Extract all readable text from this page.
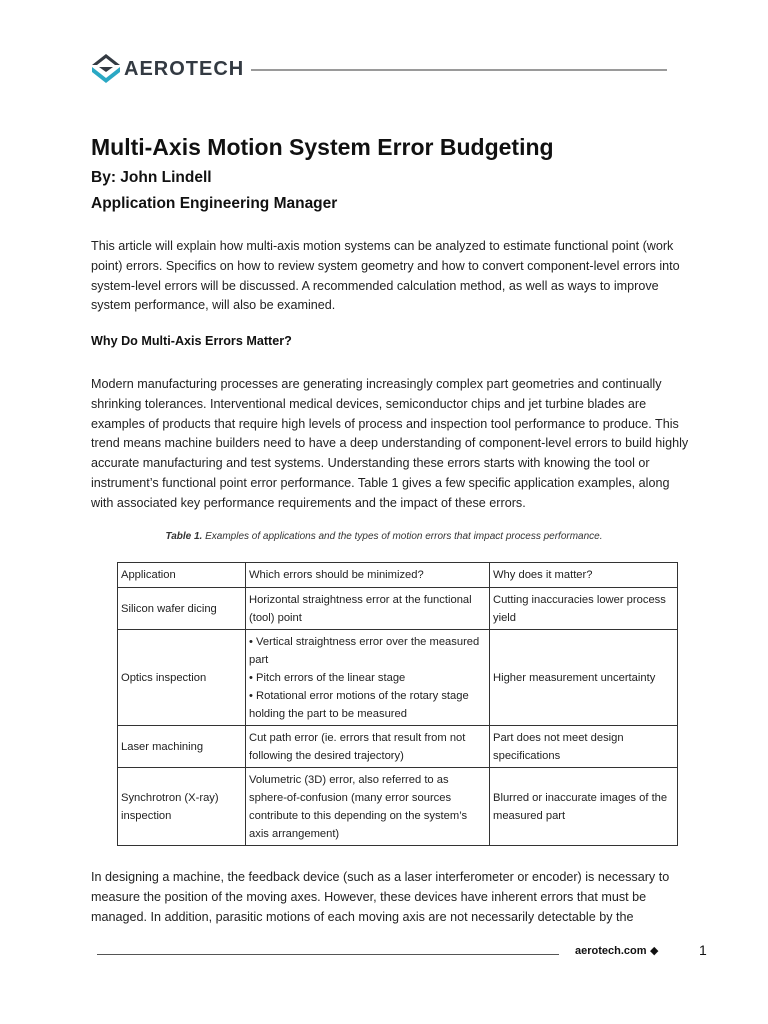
AEROTECH
Multi-Axis Motion System Error Budgeting
By: John Lindell
Application Engineering Manager

This article will explain how multi-axis motion systems can be analyzed to estimate functional point (work point) errors. Specifics on how to review system geometry and how to convert component-level errors into system-level errors will be discussed. A recommended calculation method, as well as ways to improve system performance, will also be examined.

Why Do Multi-Axis Errors Matter?

Modern manufacturing processes are generating increasingly complex part geometries and continually shrinking tolerances. Interventional medical devices, semiconductor chips and jet turbine blades are examples of products that require high levels of process and inspection tool performance to produce. This trend means machine builders need to have a deep understanding of component-level errors to build highly accurate manufacturing and test systems. Understanding these errors starts with knowing the tool or instrument’s functional point error performance. Table 1 gives a few specific application examples, along with associated key performance requirements and the impact of these errors.

Table 1. Examples of applications and the types of motion errors that impact process performance.
Application	Which errors should be minimized?	Why does it matter?
Silicon wafer dicing	Horizontal straightness error at the functional (tool) point	Cutting inaccuracies lower process yield
Optics inspection	• Vertical straightness error over the measured part
• Pitch errors of the linear stage
• Rotational error motions of the rotary stage holding the part to be measured	Higher measurement uncertainty
Laser machining	Cut path error (ie. errors that result from not following the desired trajectory)	Part does not meet design specifications
Synchrotron (X-ray) inspection	Volumetric (3D) error, also referred to as sphere-of-confusion (many error sources contribute to this depending on the system’s axis arrangement)	Blurred or inaccurate images of the measured part

In designing a machine, the feedback device (such as a laser interferometer or encoder) is necessary to measure the position of the moving axes. However, these devices have inherent errors that must be managed. In addition, parasitic motions of each moving axis are not necessarily detectable by the

aerotech.com ◆	1
